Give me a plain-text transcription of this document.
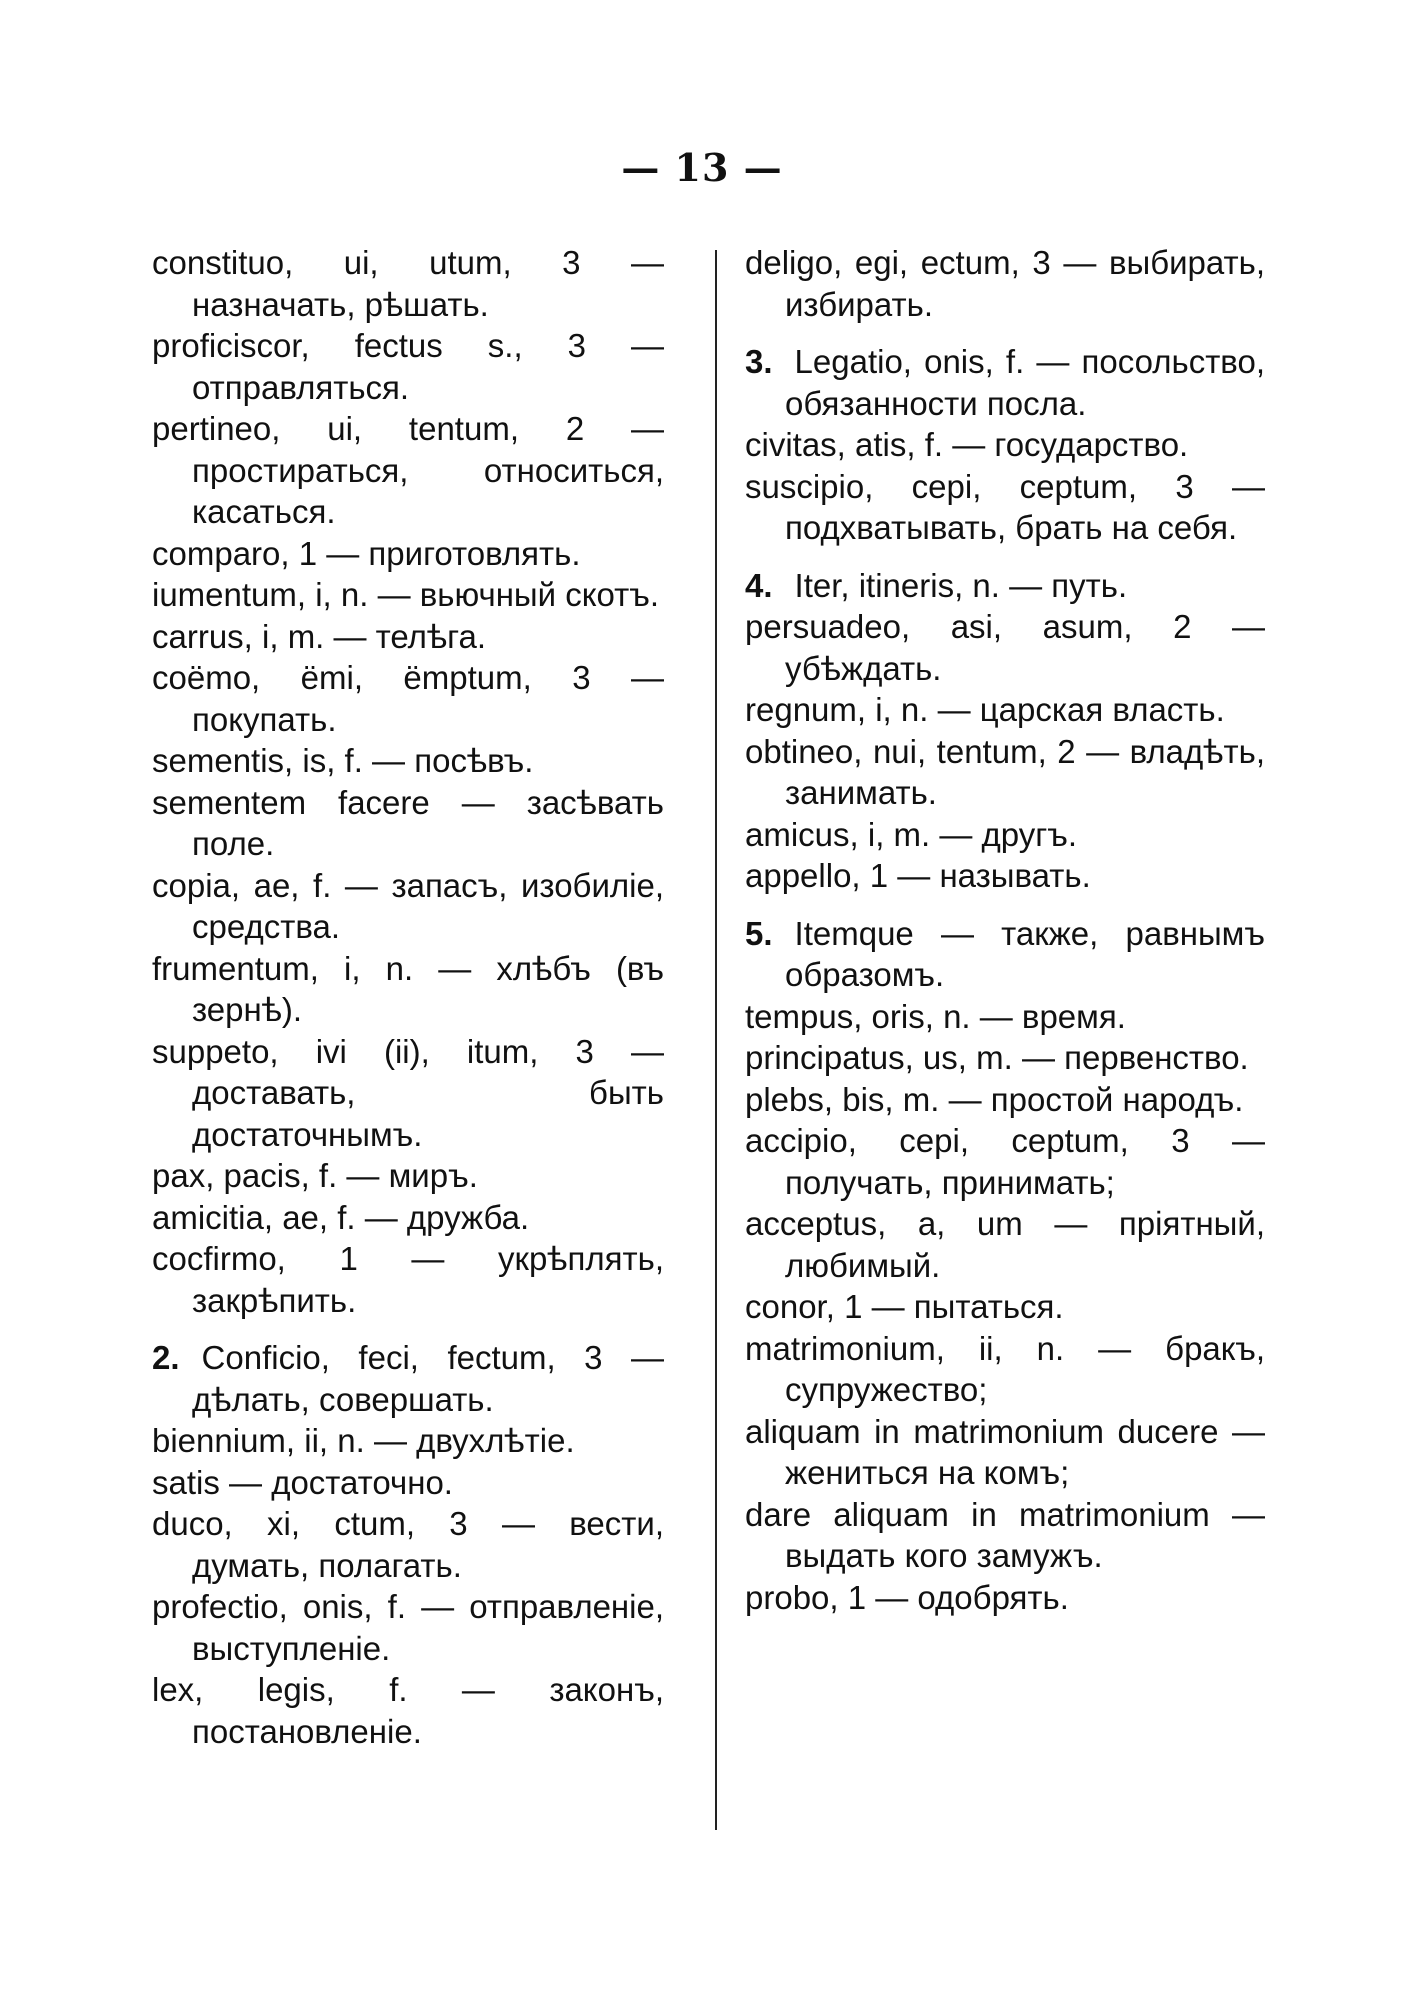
— 13 —

constituo, ui, utum, 3 — назначать, рѣшать.

proficiscor, fectus s., 3 — отправляться.

pertineo, ui, tentum, 2 — простираться, относиться, касаться.

comparo, 1 — приготовлять.

iumentum, i, n. — вьючный скотъ.

carrus, i, m. — телѣга.

coëmo, ëmi, ëmptum, 3 — покупать.

sementis, is, f. — посѣвъ.

sementem facere — засѣвать поле.

copia, ae, f. — запасъ, изобиліе, средства.

frumentum, i, n. — хлѣбъ (въ зернѣ).

suppeto, ivi (ii), itum, 3 — доставать, быть достаточнымъ.

pax, pacis, f. — миръ.

amicitia, ae, f. — дружба.

cocfirmo, 1 — укрѣплять, закрѣпить.

2. Conficio, feci, fectum, 3 — дѣлать, совершать.

biennium, ii, n. — двухлѣтіе.

satis — достаточно.

duco, xi, ctum, 3 — вести, думать, полагать.

profectio, onis, f. — отправленіе, выступленіе.

lex, legis, f. — законъ, постановленіе.

deligo, egi, ectum, 3 — выбирать, избирать.

3. Legatio, onis, f. — посольство, обязанности посла.

civitas, atis, f. — государство.

suscipio, cepi, ceptum, 3 — подхватывать, брать на себя.

4. Iter, itineris, n. — путь.

persuadeo, asi, asum, 2 — убѣждать.

regnum, i, n. — царская власть.

obtineo, nui, tentum, 2 — владѣть, занимать.

amicus, i, m. — другъ.

appello, 1 — называть.

5. Itemque — также, равнымъ образомъ.

tempus, oris, n. — время.

principatus, us, m. — первенство.

plebs, bis, m. — простой народъ.

accipio, cepi, ceptum, 3 — получать, принимать;

acceptus, a, um — пріятный, любимый.

conor, 1 — пытаться.

matrimonium, ii, n. — бракъ, супружество;

aliquam in matrimonium ducere — жениться на комъ;

dare aliquam in matrimonium — выдать кого замужъ.

probo, 1 — одобрять.
